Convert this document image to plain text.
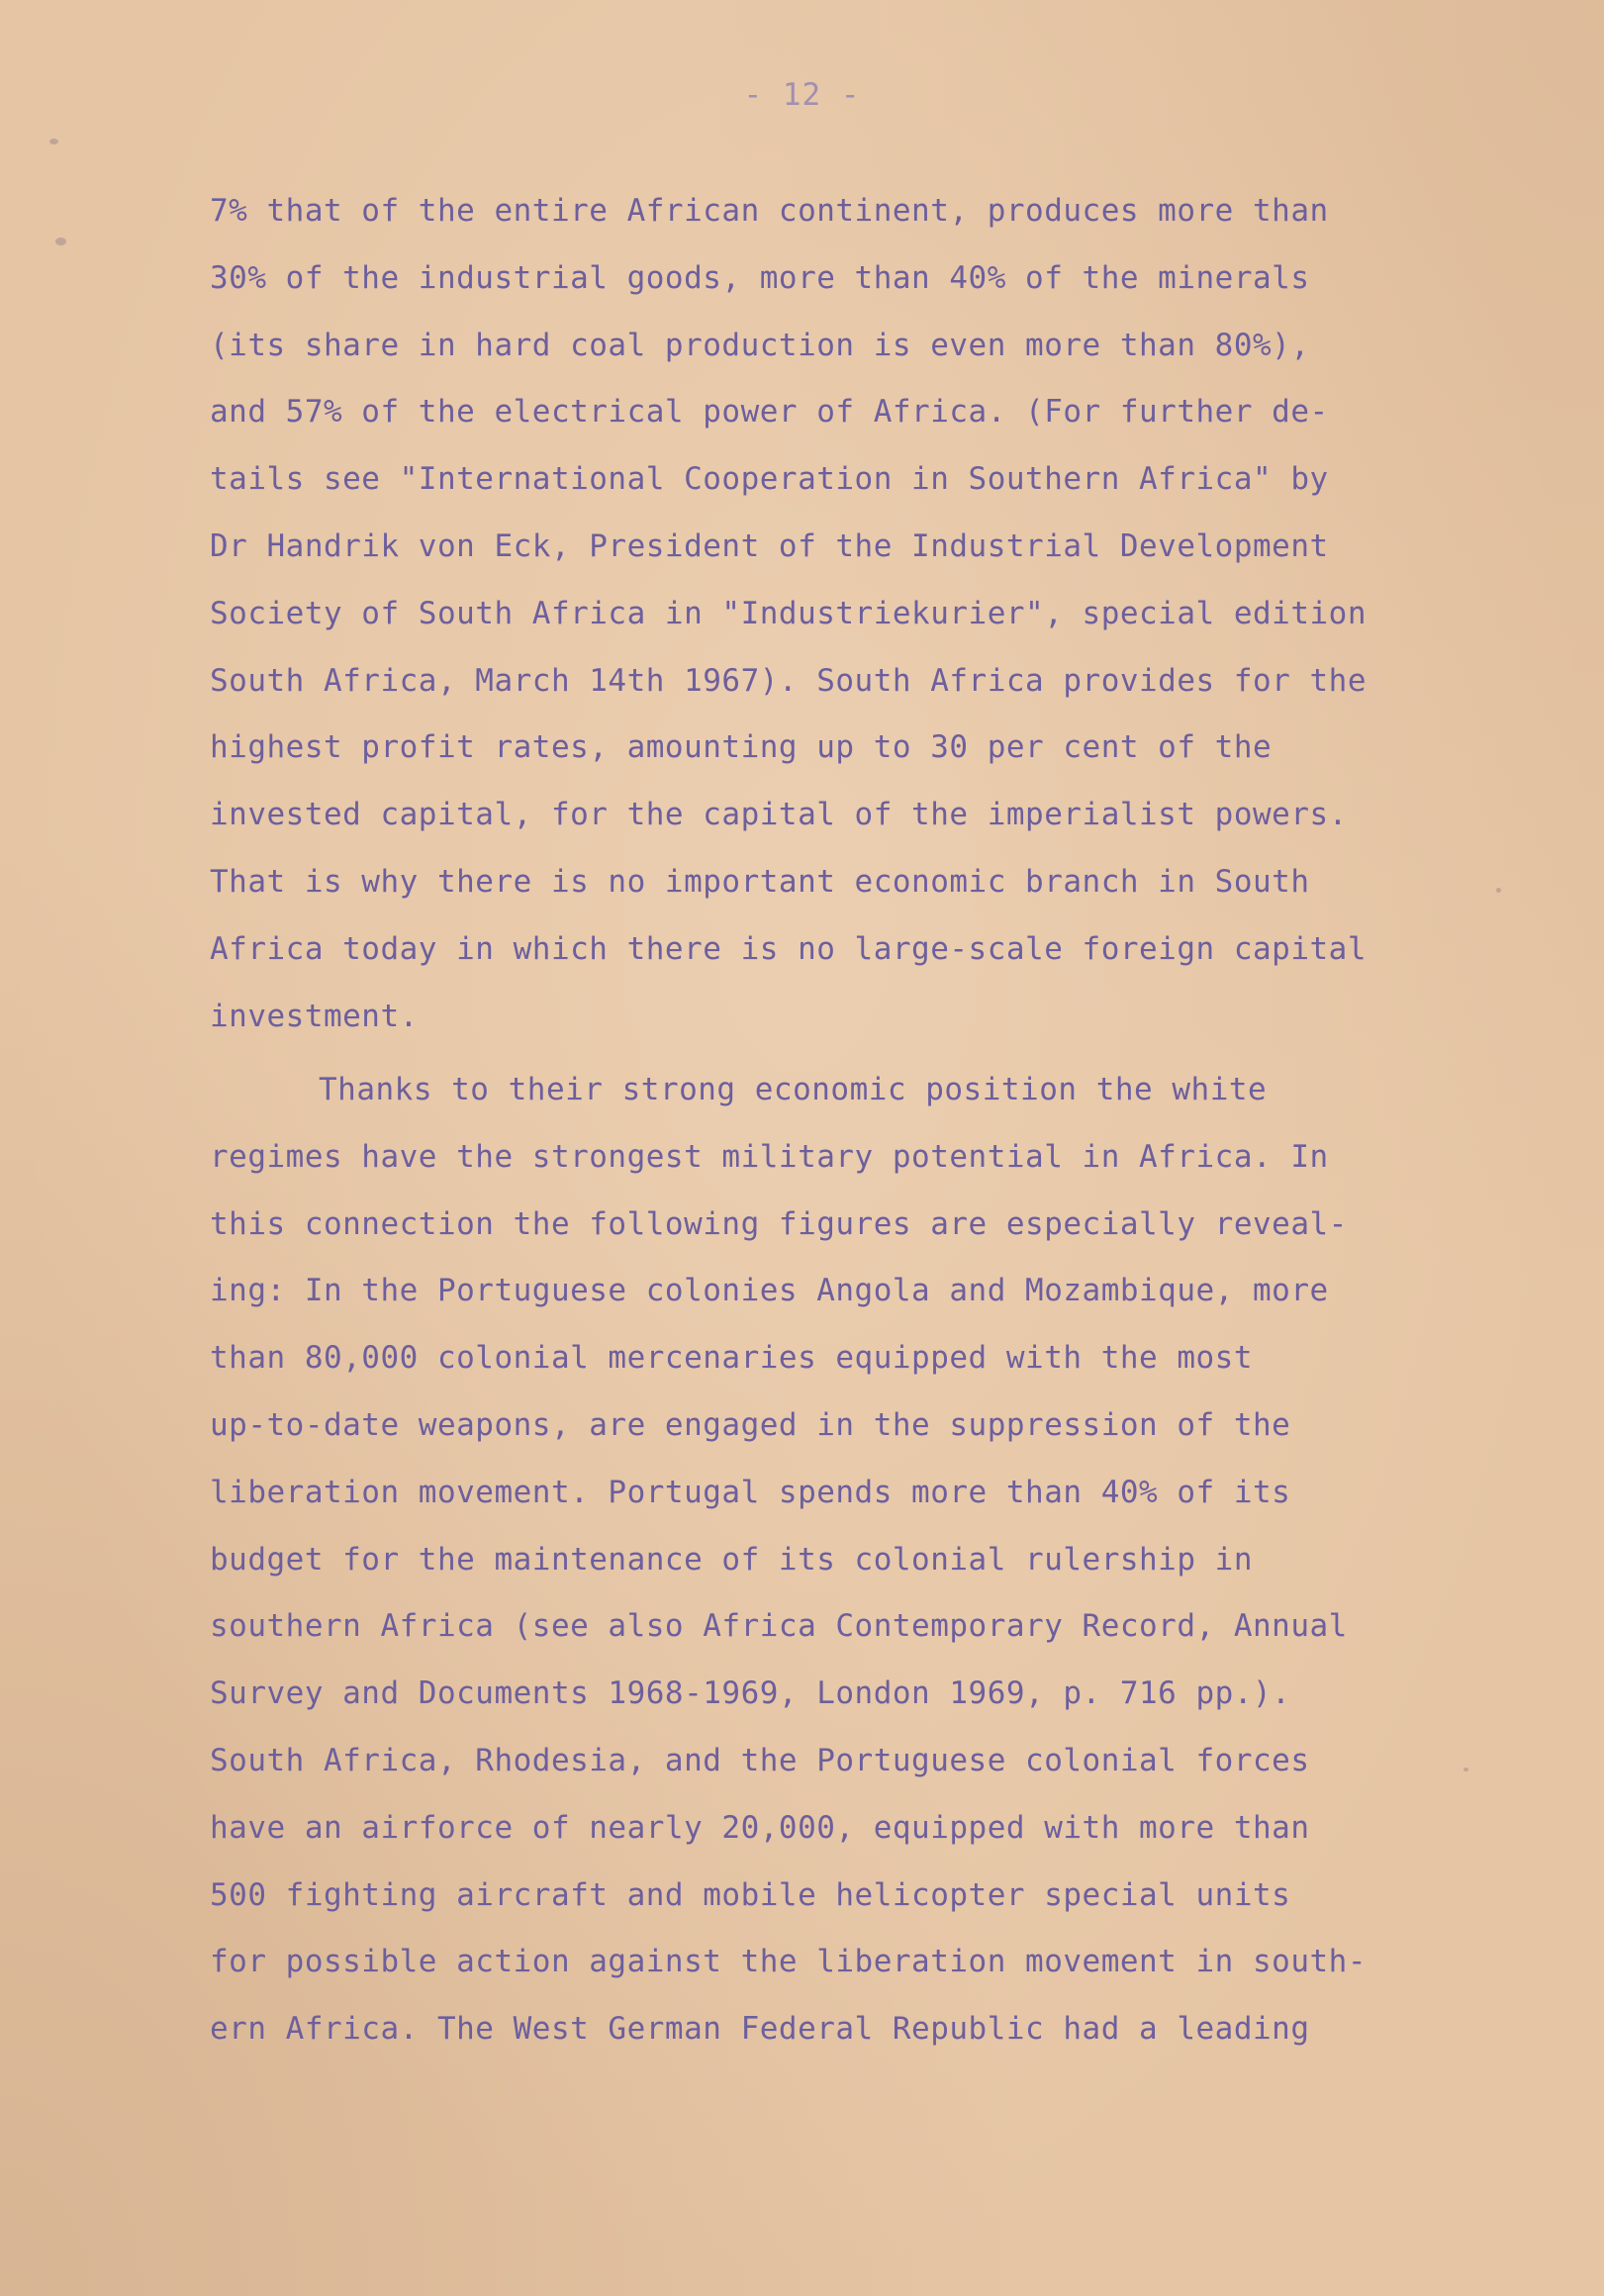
- 12 -
7% that of the entire African continent, produces more than
30% of the industrial goods, more than 40% of the minerals
(its share in hard coal production is even more than 80%),
and 57% of the electrical power of Africa. (For further de-
tails see "International Cooperation in Southern Africa" by
Dr Handrik von Eck, President of the Industrial Development
Society of South Africa in "Industriekurier", special edition
South Africa, March 14th 1967). South Africa provides for the
highest profit rates, amounting up to 30 per cent of the
invested capital, for the capital of the imperialist powers.
That is why there is no important economic branch in South
Africa today in which there is no large-scale foreign capital
investment.
Thanks to their strong economic position the white
regimes have the strongest military potential in Africa. In
this connection the following figures are especially reveal-
ing: In the Portuguese colonies Angola and Mozambique, more
than 80,000 colonial mercenaries equipped with the most
up-to-date weapons, are engaged in the suppression of the
liberation movement. Portugal spends more than 40% of its
budget for the maintenance of its colonial rulership in
southern Africa (see also Africa Contemporary Record, Annual
Survey and Documents 1968-1969, London 1969, p. 716 pp.).
South Africa, Rhodesia, and the Portuguese colonial forces
have an airforce of nearly 20,000, equipped with more than
500 fighting aircraft and mobile helicopter special units
for possible action against the liberation movement in south-
ern Africa. The West German Federal Republic had a leading
